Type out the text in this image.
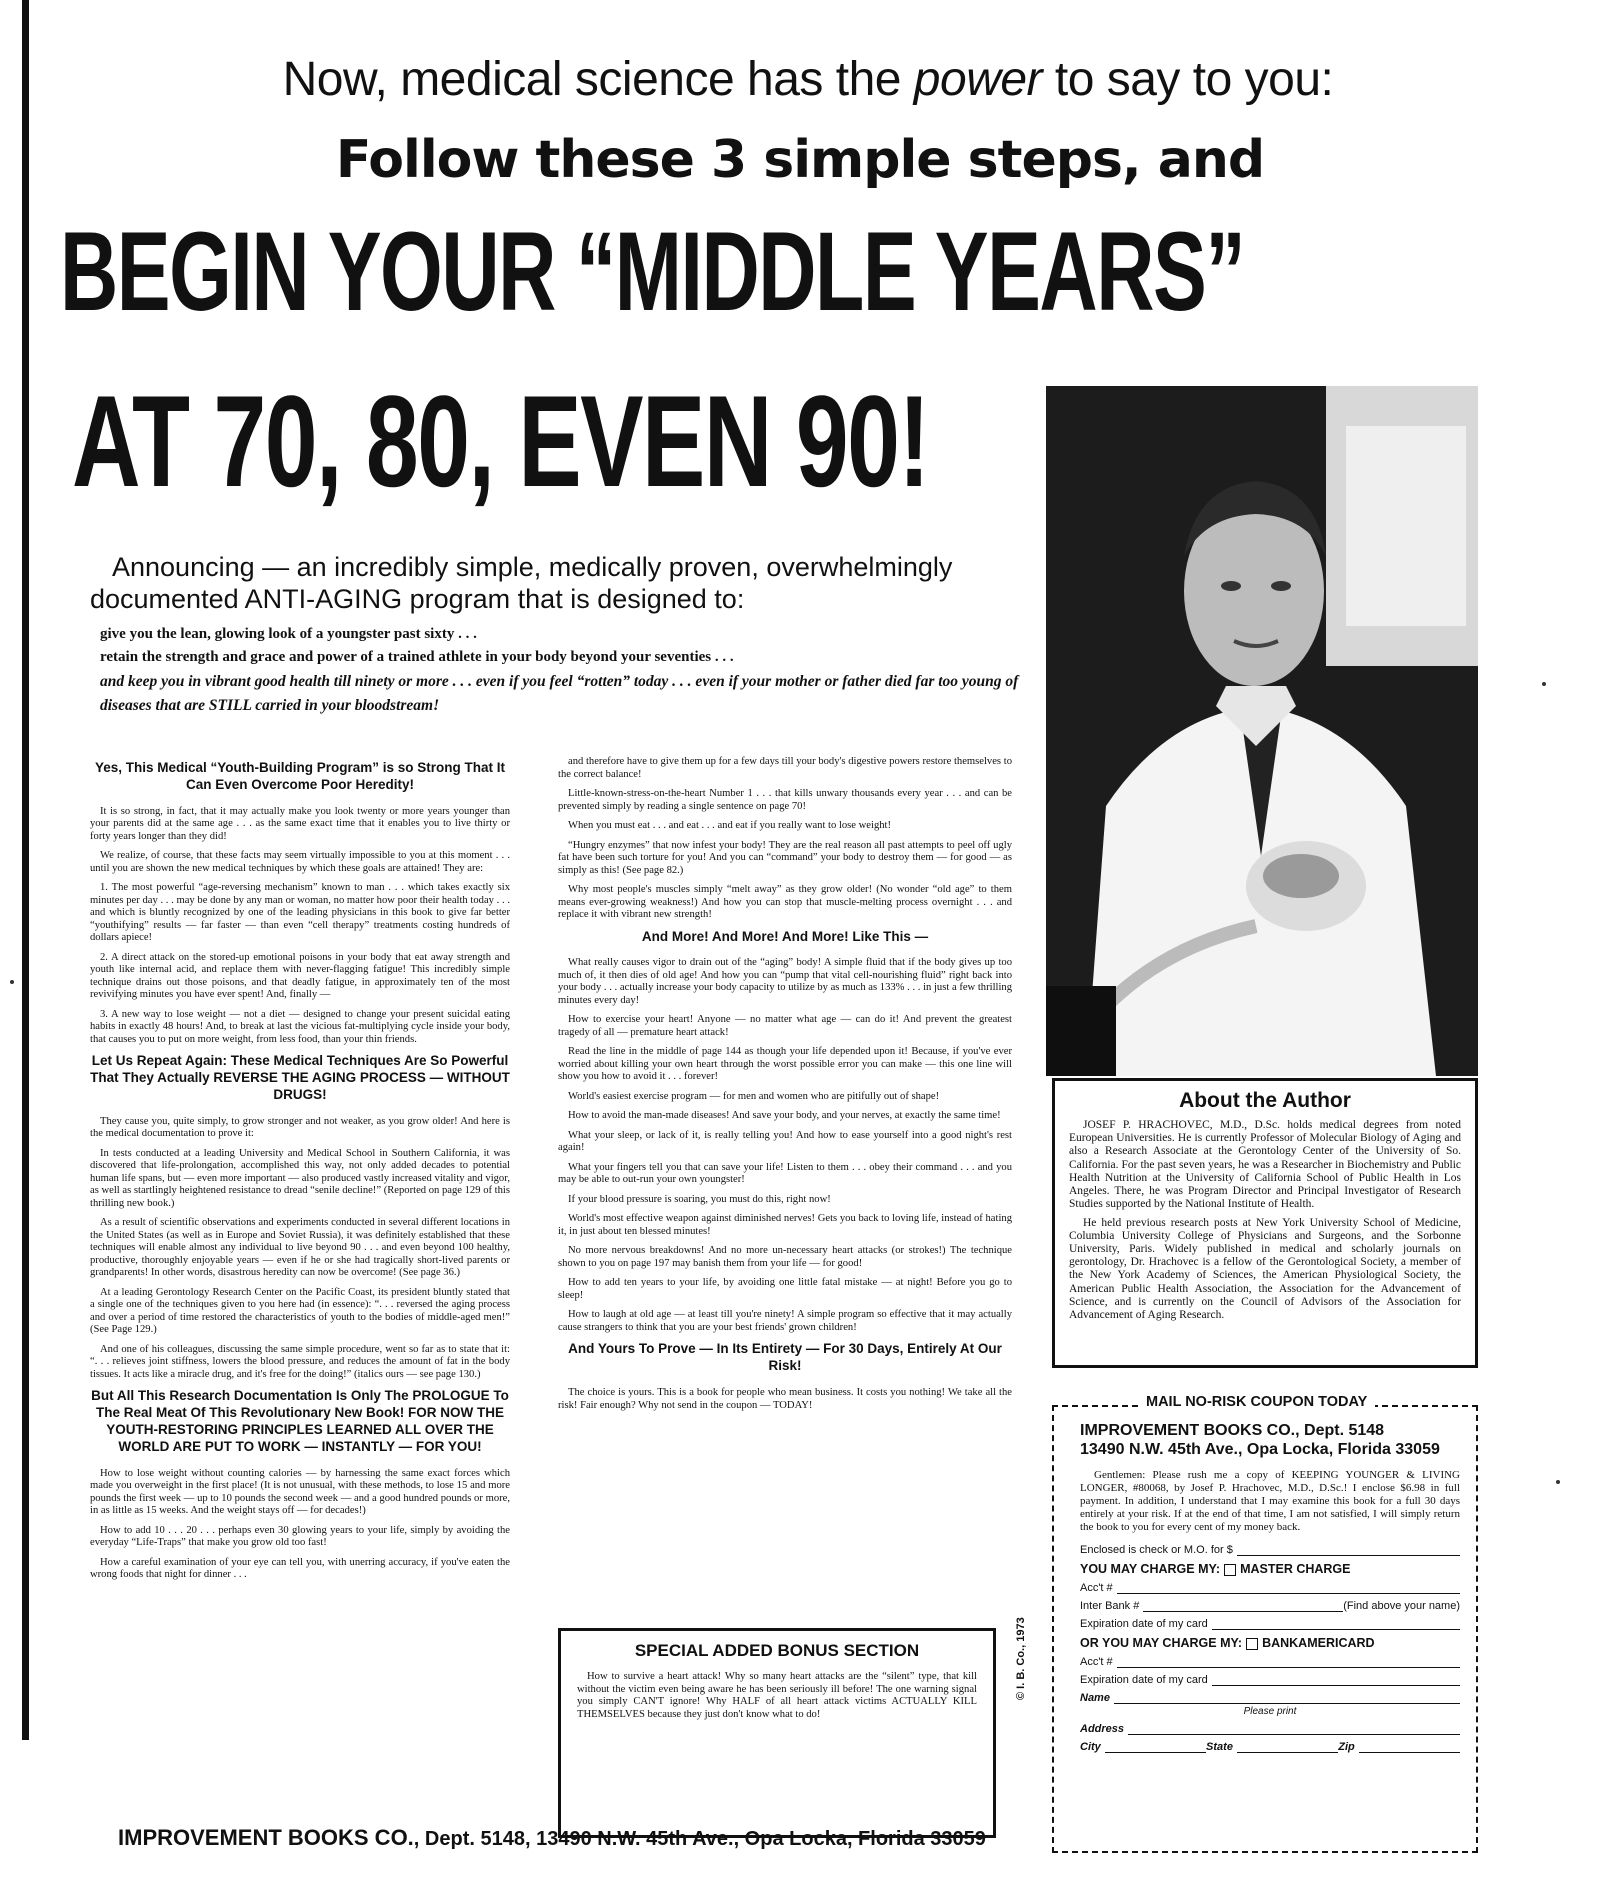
Now, medical science has the power to say to you:
Follow these 3 simple steps, and
BEGIN YOUR “MIDDLE YEARS”
AT 70, 80, EVEN 90!
Announcing — an incredibly simple, medically proven, overwhelmingly documented ANTI-AGING program that is designed to:
give you the lean, glowing look of a youngster past sixty . . .
retain the strength and grace and power of a trained athlete in your body beyond your seventies . . .
and keep you in vibrant good health till ninety or more . . . even if you feel “rotten” today . . . even if your mother or father died far too young of diseases that are STILL carried in your bloodstream!
About the Author

JOSEF P. HRACHOVEC, M.D., D.Sc. holds medical degrees from noted European Universities. He is currently Professor of Molecular Biology of Aging and also a Research Associate at the Gerontology Center of the University of So. California. For the past seven years, he was a Researcher in Biochemistry and Public Health Nutrition at the University of California School of Public Health in Los Angeles. There, he was Program Director and Principal Investigator of Research Studies supported by the National Institute of Health.

He held previous research posts at New York University School of Medicine, Columbia University College of Physicians and Surgeons, and the Sorbonne University, Paris. Widely published in medical and scholarly journals on gerontology, Dr. Hrachovec is a fellow of the Gerontological Society, a member of the New York Academy of Sciences, the American Physiological Society, the American Public Health Association, the Association for the Advancement of Science, and is currently on the Council of Advisors of the Association for Advancement of Aging Research.

Yes, This Medical “Youth-Building Program” is so Strong That It Can Even Overcome Poor Heredity!

It is so strong, in fact, that it may actually make you look twenty or more years younger than your parents did at the same age . . . as the same exact time that it enables you to live thirty or forty years longer than they did!

We realize, of course, that these facts may seem virtually impossible to you at this moment . . . until you are shown the new medical techniques by which these goals are attained! They are:

1. The most powerful “age-reversing mechanism” known to man . . . which takes exactly six minutes per day . . . may be done by any man or woman, no matter how poor their health today . . . and which is bluntly recognized by one of the leading physicians in this book to give far better “youthifying” results — far faster — than even “cell therapy” treatments costing hundreds of dollars apiece!

2. A direct attack on the stored-up emotional poisons in your body that eat away strength and youth like internal acid, and replace them with never-flagging fatigue! This incredibly simple technique drains out those poisons, and that deadly fatigue, in approximately ten of the most revivifying minutes you have ever spent! And, finally —

3. A new way to lose weight — not a diet — designed to change your present suicidal eating habits in exactly 48 hours! And, to break at last the vicious fat-multiplying cycle inside your body, that causes you to put on more weight, from less food, than your thin friends.

Let Us Repeat Again: These Medical Techniques Are So Powerful That They Actually REVERSE THE AGING PROCESS — WITHOUT DRUGS!

They cause you, quite simply, to grow stronger and not weaker, as you grow older! And here is the medical documentation to prove it:

In tests conducted at a leading University and Medical School in Southern California, it was discovered that life-prolongation, accomplished this way, not only added decades to potential human life spans, but — even more important — also produced vastly increased vitality and vigor, as well as startlingly heightened resistance to dread “senile decline!” (Reported on page 129 of this thrilling new book.)

As a result of scientific observations and experiments conducted in several different locations in the United States (as well as in Europe and Soviet Russia), it was definitely established that these techniques will enable almost any individual to live beyond 90 . . . and even beyond 100 healthy, productive, thoroughly enjoyable years — even if he or she had tragically short-lived parents or grandparents! In other words, disastrous heredity can now be overcome! (See page 36.)

At a leading Gerontology Research Center on the Pacific Coast, its president bluntly stated that a single one of the techniques given to you here had (in essence): “. . . reversed the aging process and over a period of time restored the characteristics of youth to the bodies of middle-aged men!” (See Page 129.)

And one of his colleagues, discussing the same simple procedure, went so far as to state that it: “. . . relieves joint stiffness, lowers the blood pressure, and reduces the amount of fat in the body tissues. It acts like a miracle drug, and it's free for the doing!” (italics ours — see page 130.)

But All This Research Documentation Is Only The PROLOGUE To The Real Meat Of This Revolutionary New Book! FOR NOW THE YOUTH-RESTORING PRINCIPLES LEARNED ALL OVER THE WORLD ARE PUT TO WORK — INSTANTLY — FOR YOU!

How to lose weight without counting calories — by harnessing the same exact forces which made you overweight in the first place! (It is not unusual, with these methods, to lose 15 and more pounds the first week — up to 10 pounds the second week — and a good hundred pounds or more, in as little as 15 weeks. And the weight stays off — for decades!)

How to add 10 . . . 20 . . . perhaps even 30 glowing years to your life, simply by avoiding the everyday “Life-Traps” that make you grow old too fast!

How a careful examination of your eye can tell you, with unerring accuracy, if you've eaten the wrong foods that night for dinner . . .

and therefore have to give them up for a few days till your body's digestive powers restore themselves to the correct balance!

Little-known-stress-on-the-heart Number 1 . . . that kills unwary thousands every year . . . and can be prevented simply by reading a single sentence on page 70!

When you must eat . . . and eat . . . and eat if you really want to lose weight!

“Hungry enzymes” that now infest your body! They are the real reason all past attempts to peel off ugly fat have been such torture for you! And you can “command” your body to destroy them — for good — as simply as this! (See page 82.)

Why most people's muscles simply “melt away” as they grow older! (No wonder “old age” to them means ever-growing weakness!) And how you can stop that muscle-melting process overnight . . . and replace it with vibrant new strength!

And More! And More! And More! Like This —

What really causes vigor to drain out of the “aging” body! A simple fluid that if the body gives up too much of, it then dies of old age! And how you can “pump that vital cell-nourishing fluid” right back into your body . . . actually increase your body capacity to utilize by as much as 133% . . . in just a few thrilling minutes every day!

How to exercise your heart! Anyone — no matter what age — can do it! And prevent the greatest tragedy of all — premature heart attack!

Read the line in the middle of page 144 as though your life depended upon it! Because, if you've ever worried about killing your own heart through the worst possible error you can make — this one line will show you how to avoid it . . . forever!

World's easiest exercise program — for men and women who are pitifully out of shape!

How to avoid the man-made diseases! And save your body, and your nerves, at exactly the same time!

What your sleep, or lack of it, is really telling you! And how to ease yourself into a good night's rest again!

What your fingers tell you that can save your life! Listen to them . . . obey their command . . . and you may be able to out-run your own youngster!

If your blood pressure is soaring, you must do this, right now!

World's most effective weapon against diminished nerves! Gets you back to loving life, instead of hating it, in just about ten blessed minutes!

No more nervous breakdowns! And no more un-necessary heart attacks (or strokes!) The technique shown to you on page 197 may banish them from your life — for good!

How to add ten years to your life, by avoiding one little fatal mistake — at night! Before you go to sleep!

How to laugh at old age — at least till you're ninety! A simple program so effective that it may actually cause strangers to think that you are your best friends' grown children!

And Yours To Prove — In Its Entirety — For 30 Days, Entirely At Our Risk!

The choice is yours. This is a book for people who mean business. It costs you nothing! We take all the risk! Fair enough? Why not send in the coupon — TODAY!

SPECIAL ADDED BONUS SECTION

How to survive a heart attack! Why so many heart attacks are the “silent” type, that kill without the victim even being aware he has been seriously ill before! The one warning signal you simply CAN'T ignore! Why HALF of all heart attack victims ACTUALLY KILL THEMSELVES because they just don't know what to do!

IMPROVEMENT BOOKS CO., Dept. 5148
13490 N.W. 45th Ave., Opa Locka, Florida 33059
Gentlemen: Please rush me a copy of KEEPING YOUNGER & LIVING LONGER, #80068, by Josef P. Hrachovec, M.D., D.Sc.! I enclose $6.98 in full payment. In addition, I understand that I may examine this book for a full 30 days entirely at your risk. If at the end of that time, I am not satisfied, I will simply return the book to you for every cent of my money back.
Enclosed is check or M.O. for $
YOU MAY CHARGE MY: MASTER CHARGE
Acc't #
Inter Bank #	(Find above your name)
Expiration date of my card
OR YOU MAY CHARGE MY: BANKAMERICARD
Acc't #
Expiration date of my card
Name
Please print
Address
City	State	Zip
MAIL NO-RISK COUPON TODAY
© I. B. Co., 1973
IMPROVEMENT BOOKS CO., Dept. 5148, 13490 N.W. 45th Ave., Opa Locka, Florida 33059
